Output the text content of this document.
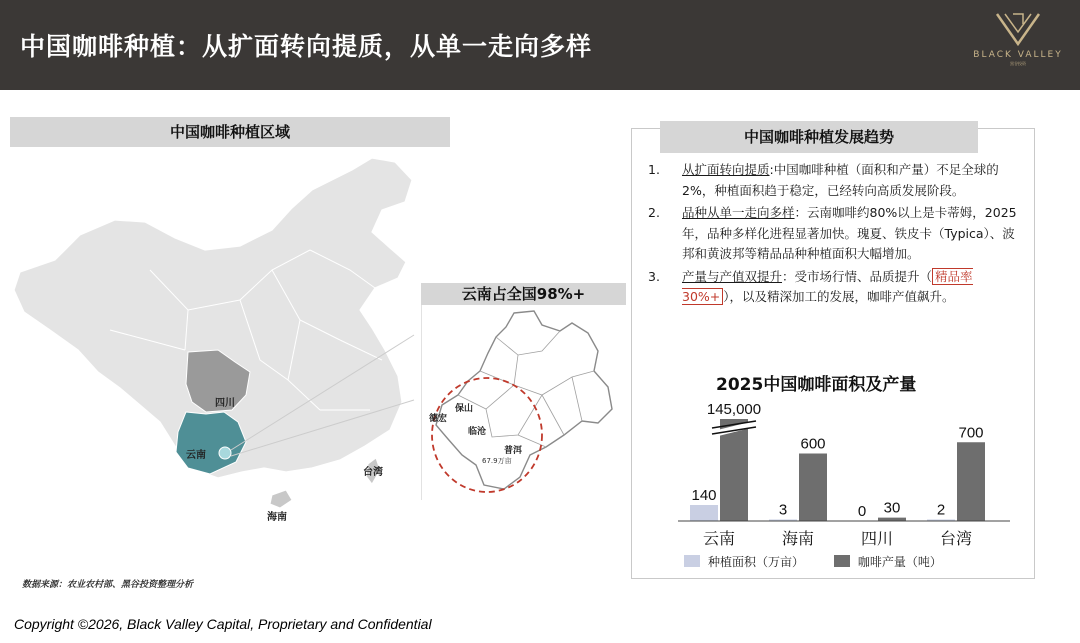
中国咖啡种植：从扩面转向提质，从单一走向多样	BLACK VALLEY
黑谷投资
中国咖啡种植区域
四川
云南
海南
台湾
云南占全国98%+
保山
德宏
临沧
普洱
67.9万亩
数据来源：农业农村部、黑谷投资整理分析
Copyright ©2026, Black Valley Capital, Proprietary and Confidential
中国咖啡种植发展趋势
1. 从扩面转向提质:中国咖啡种植（面积和产量）不足全球的2%，种植面积趋于稳定，已经转向高质发展阶段。
2. 品种从单一走向多样：云南咖啡约80%以上是卡蒂姆，2025年，品种多样化进程显著加快。瑰夏、铁皮卡（Typica）、波邦和黄波邦等精品品种种植面积大幅增加。
3. 产量与产值双提升：受市场行情、品质提升（ 精品率30%+ ），以及精深加工的发展，咖啡产值飙升。
2025中国咖啡面积及产量
140
145,000
云南
3
600
海南
0 30
四川
2
700
台湾
种植面积（万亩）	咖啡产量（吨）
